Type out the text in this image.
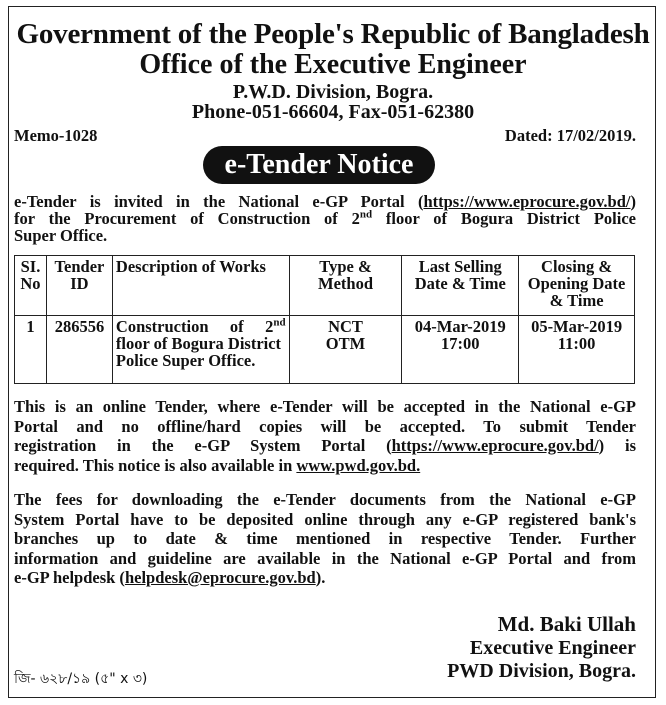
Government of the People's Republic of Bangladesh
Office of the Executive Engineer
P.W.D. Division, Bogra.
Phone-051-66604, Fax-051-62380
Memo-1028	Dated: 17/02/2019.
e-Tender Notice
e-Tender is invited in the National e-GP Portal (https://www.eprocure.gov.bd/)
for the Procurement of Construction of 2nd floor of Bogura District Police
Super Office.
SI. No	Tender ID	Description of Works	Type & Method	Last Selling Date & Time	Closing & Opening Date & Time
1	286556	Construction of 2nd
floor of Bogura District
Police Super Office.	NCT
OTM	04-Mar-2019
17:00	05-Mar-2019
11:00
This is an online Tender, where e-Tender will be accepted in the National e-GP
Portal and no offline/hard copies will be accepted. To submit Tender
registration in the e-GP System Portal (https://www.eprocure.gov.bd/) is
required. This notice is also available in www.pwd.gov.bd.
The fees for downloading the e-Tender documents from the National e-GP
System Portal have to be deposited online through any e-GP registered bank's
branches up to date & time mentioned in respective Tender. Further
information and guideline are available in the National e-GP Portal and from
e-GP helpdesk (helpdesk@eprocure.gov.bd).
Md. Baki Ullah
Executive Engineer
PWD Division, Bogra.
জি- ৬২৮/১৯ (৫" x ৩)
